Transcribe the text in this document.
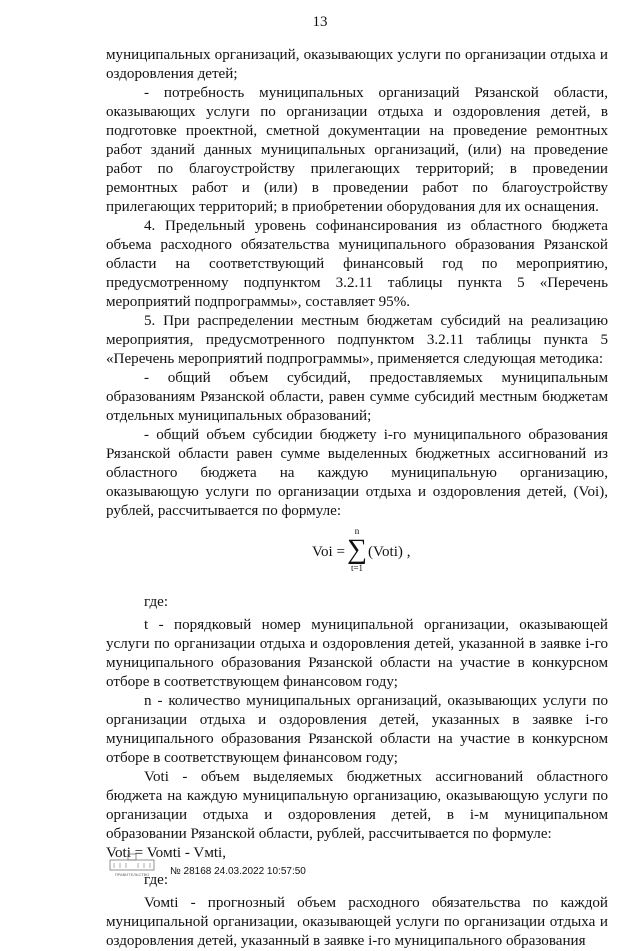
13

муниципальных организаций, оказывающих услуги по организации отдыха и оздоровления детей;

- потребность муниципальных организаций Рязанской области, оказывающих услуги по организации отдыха и оздоровления детей, в подготовке проектной, сметной документации на проведение ремонтных работ зданий данных муниципальных организаций, (или) на проведение работ по благоустройству прилегающих территорий; в проведении ремонтных работ и (или) в проведении работ по благоустройству прилегающих территорий; в приобретении оборудования для их оснащения.

4. Предельный уровень софинансирования из областного бюджета объема расходного обязательства муниципального образования Рязанской области на соответствующий финансовый год по мероприятию, предусмотренному подпунктом 3.2.11 таблицы пункта 5 «Перечень мероприятий подпрограммы», составляет 95%.

5. При распределении местным бюджетам субсидий на реализацию мероприятия, предусмотренного подпунктом 3.2.11 таблицы пункта 5 «Перечень мероприятий подпрограммы», применяется следующая методика:

- общий объем субсидий, предоставляемых муниципальным образованиям Рязанской области, равен сумме субсидий местным бюджетам отдельных муниципальных образований;

- общий объем субсидии бюджету i-го муниципального образования Рязанской области равен сумме выделенных бюджетных ассигнований из областного бюджета на каждую муниципальную организацию, оказывающую услуги по организации отдыха и оздоровления детей, (Voi), рублей, рассчитывается по формуле:

Voi =
n
∑
t=1
(Voti) ,

где:

t - порядковый номер муниципальной организации, оказывающей услуги по организации отдыха и оздоровления детей, указанной в заявке i-го муниципального образования Рязанской области на участие в конкурсном отборе в соответствующем финансовом году;

n - количество муниципальных организаций, оказывающих услуги по организации отдыха и оздоровления детей, указанных в заявке i-го муниципального образования Рязанской области на участие в конкурсном отборе в соответствующем финансовом году;

Voti - объем выделяемых бюджетных ассигнований областного бюджета на каждую муниципальную организацию, оказывающую услуги по организации отдыха и оздоровления детей, в i-м муниципальном образовании Рязанской области, рублей, рассчитывается по формуле:

Voti = Voмti - Vмti,

где:

Voмti - прогнозный объем расходного обязательства по каждой муниципальной организации, оказывающей услуги по организации отдыха и оздоровления детей, указанный в заявке i-го муниципального образования

ПРАВИТЕЛЬСТВО № 28168 24.03.2022 10:57:50
